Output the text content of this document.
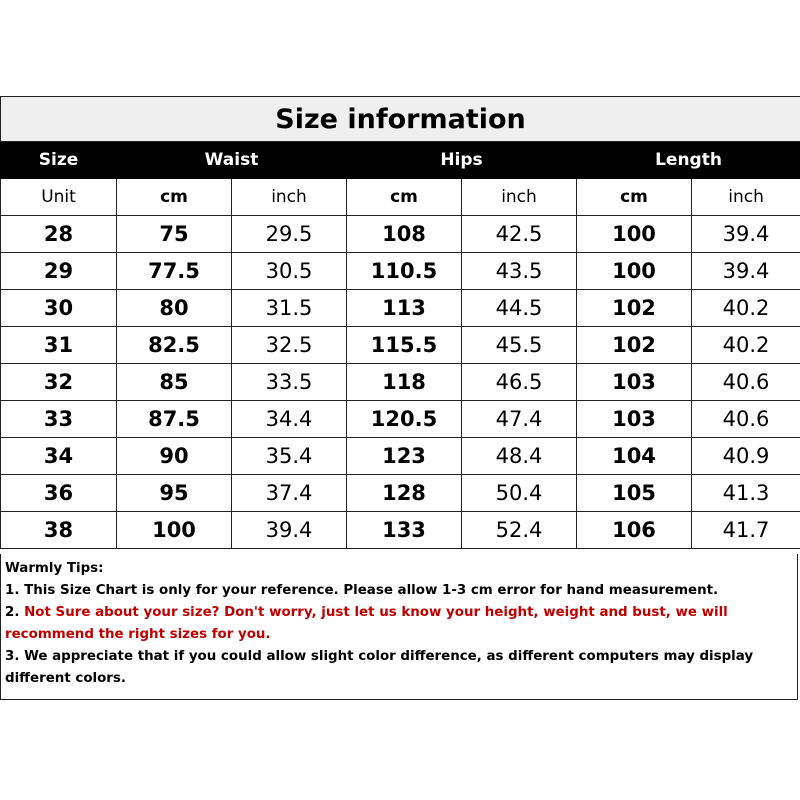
Size information						
Size	Waist		Hips		Length	
Unit	cm	inch	cm	inch	cm	inch
28	75	29.5	108	42.5	100	39.4
29	77.5	30.5	110.5	43.5	100	39.4
30	80	31.5	113	44.5	102	40.2
31	82.5	32.5	115.5	45.5	102	40.2
32	85	33.5	118	46.5	103	40.6
33	87.5	34.4	120.5	47.4	103	40.6
34	90	35.4	123	48.4	104	40.9
36	95	37.4	128	50.4	105	41.3
38	100	39.4	133	52.4	106	41.7

Warmly Tips:

1. This Size Chart is only for your reference. Please allow 1-3 cm error for hand measurement.

2. Not Sure about your size? Don't worry, just let us know your height, weight and bust, we will recommend the right sizes for you.

3. We appreciate that if you could allow slight color difference, as different computers may display different colors.
